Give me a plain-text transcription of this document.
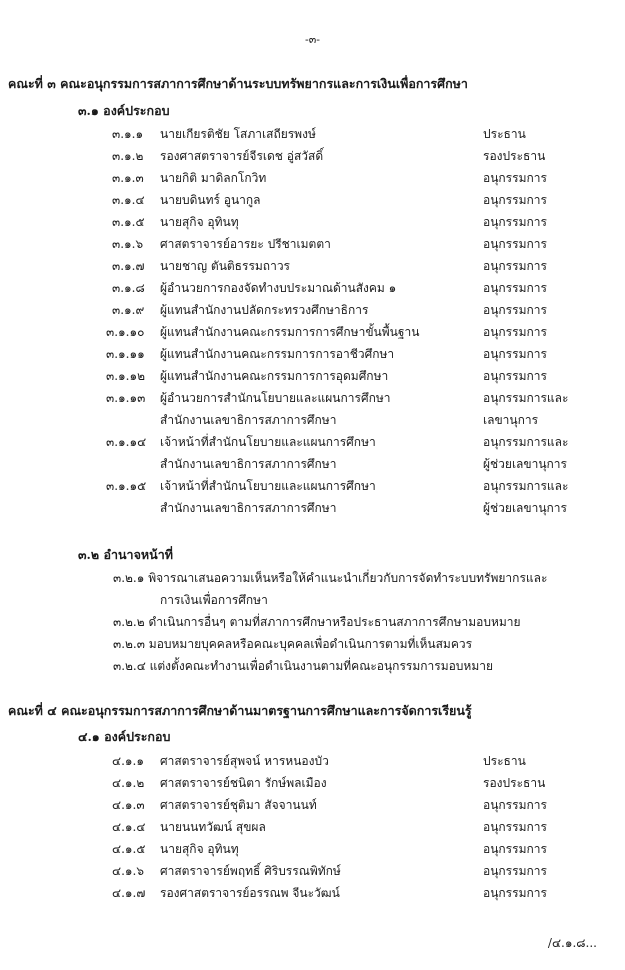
-๓-
คณะที่ ๓ คณะอนุกรรมการสภาการศึกษาด้านระบบทรัพยากรและการเงินเพื่อการศึกษา
๓.๑ องค์ประกอบ
๓.๑.๑ นายเกียรติชัย โสภาเสถียรพงษ์	ประธาน
๓.๑.๒ รองศาสตราจารย์จีรเดช อู่สวัสดิ์	รองประธาน
๓.๑.๓ นายกิติ มาดิลกโกวิท	อนุกรรมการ
๓.๑.๔ นายบดินทร์ อูนากูล	อนุกรรมการ
๓.๑.๕ นายสุกิจ อุทินทุ	อนุกรรมการ
๓.๑.๖ ศาสตราจารย์อารยะ ปรีชาเมตตา	อนุกรรมการ
๓.๑.๗ นายชาญ ตันติธรรมถาวร	อนุกรรมการ
๓.๑.๘ ผู้อำนวยการกองจัดทำงบประมาณด้านสังคม ๑	อนุกรรมการ
๓.๑.๙ ผู้แทนสำนักงานปลัดกระทรวงศึกษาธิการ	อนุกรรมการ
๓.๑.๑๐ ผู้แทนสำนักงานคณะกรรมการการศึกษาขั้นพื้นฐาน	อนุกรรมการ
๓.๑.๑๑ ผู้แทนสำนักงานคณะกรรมการการอาชีวศึกษา	อนุกรรมการ
๓.๑.๑๒ ผู้แทนสำนักงานคณะกรรมการการอุดมศึกษา	อนุกรรมการ
๓.๑.๑๓ ผู้อำนวยการสำนักนโยบายและแผนการศึกษา	อนุกรรมการและ
สำนักงานเลขาธิการสภาการศึกษา	เลขานุการ
๓.๑.๑๔ เจ้าหน้าที่สำนักนโยบายและแผนการศึกษา	อนุกรรมการและ
สำนักงานเลขาธิการสภาการศึกษา	ผู้ช่วยเลขานุการ
๓.๑.๑๕ เจ้าหน้าที่สำนักนโยบายและแผนการศึกษา	อนุกรรมการและ
สำนักงานเลขาธิการสภาการศึกษา	ผู้ช่วยเลขานุการ
๓.๒ อำนาจหน้าที่
๓.๒.๑ พิจารณาเสนอความเห็นหรือให้คำแนะนำเกี่ยวกับการจัดทำระบบทรัพยากรและ
การเงินเพื่อการศึกษา
๓.๒.๒ ดำเนินการอื่นๆ ตามที่สภาการศึกษาหรือประธานสภาการศึกษามอบหมาย
๓.๒.๓ มอบหมายบุคคลหรือคณะบุคคลเพื่อดำเนินการตามที่เห็นสมควร
๓.๒.๔ แต่งตั้งคณะทำงานเพื่อดำเนินงานตามที่คณะอนุกรรมการมอบหมาย
คณะที่ ๔ คณะอนุกรรมการสภาการศึกษาด้านมาตรฐานการศึกษาและการจัดการเรียนรู้
๔.๑ องค์ประกอบ
๔.๑.๑ ศาสตราจารย์สุพจน์ หารหนองบัว	ประธาน
๔.๑.๒ ศาสตราจารย์ชนิตา รักษ์พลเมือง	รองประธาน
๔.๑.๓ ศาสตราจารย์ชุติมา สัจจานนท์	อนุกรรมการ
๔.๑.๔ นายนนทวัฒน์ สุขผล	อนุกรรมการ
๔.๑.๕ นายสุกิจ อุทินทุ	อนุกรรมการ
๔.๑.๖ ศาสตราจารย์พฤทธิ์ ศิริบรรณพิทักษ์	อนุกรรมการ
๔.๑.๗ รองศาสตราจารย์อรรณพ จีนะวัฒน์	อนุกรรมการ
/๔.๑.๘...
